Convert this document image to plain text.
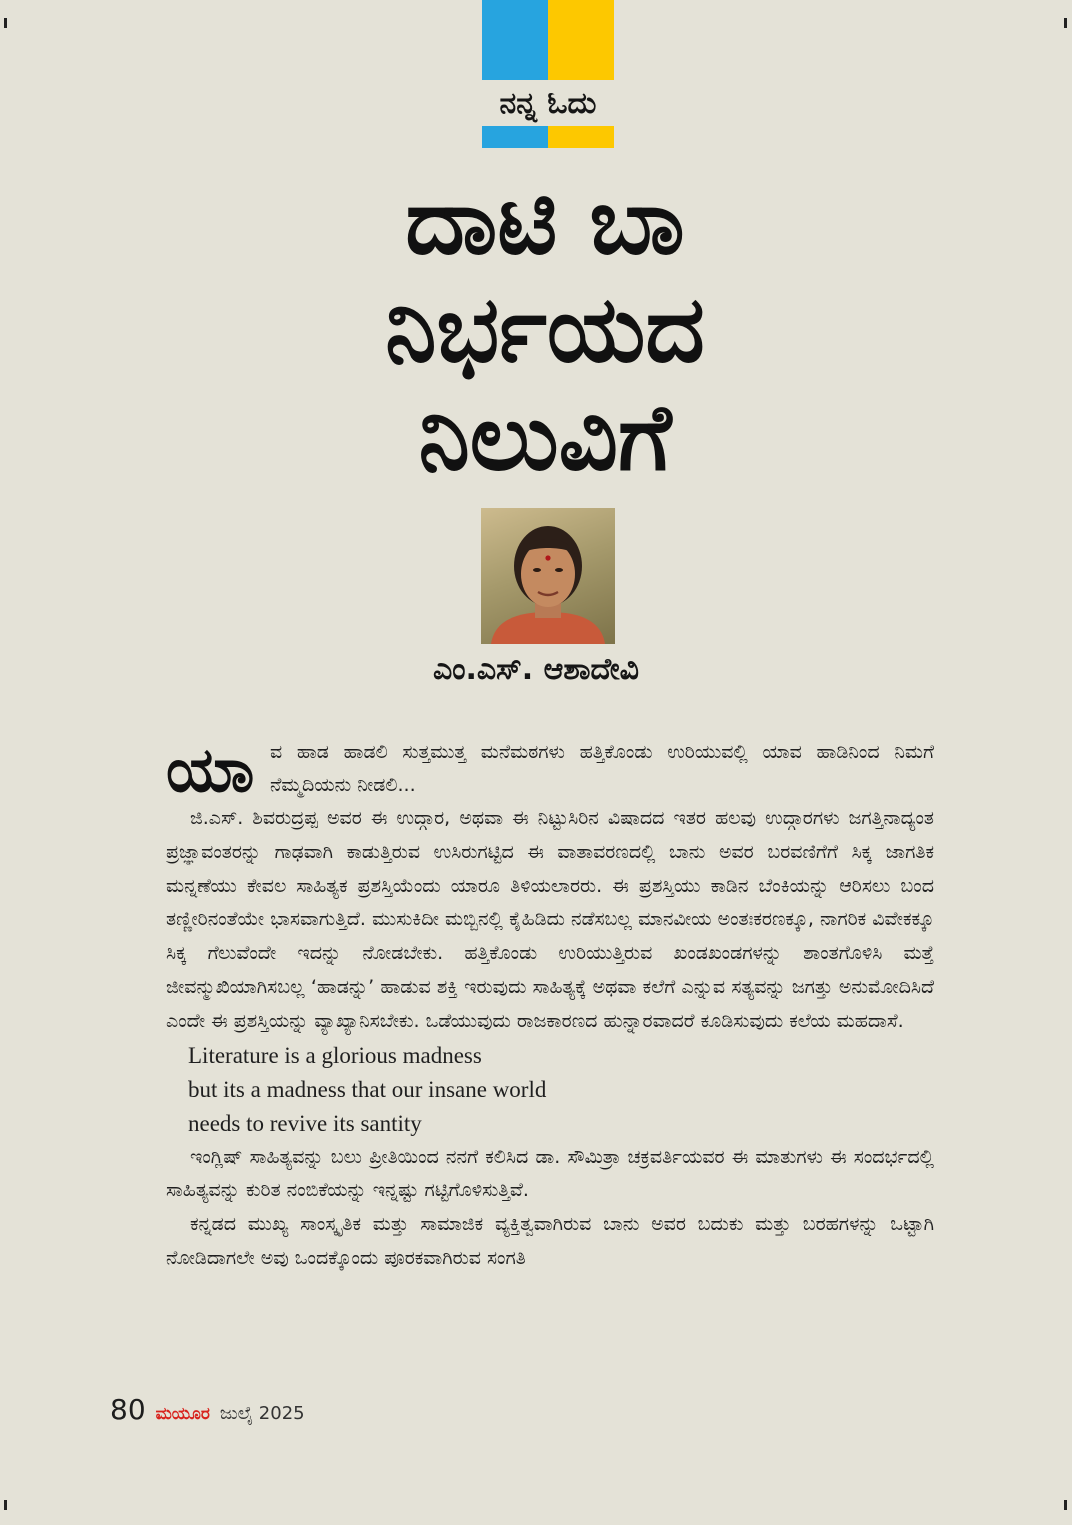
ನನ್ನ ಓದು
ದಾಟಿ ಬಾ
ನಿರ್ಭಯದ
ನಿಲುವಿಗೆ
ಎಂ.ಎಸ್. ಆಶಾದೇವಿ
ಯಾ ವ ಹಾಡ ಹಾಡಲಿ ಸುತ್ತಮುತ್ತ ಮನೆಮಠಗಳು ಹತ್ತಿಕೊಂಡು ಉರಿಯುವಲ್ಲಿ ಯಾವ ಹಾಡಿನಿಂದ ನಿಮಗೆ ನೆಮ್ಮದಿಯನು ನೀಡಲಿ...

ಜಿ.ಎಸ್. ಶಿವರುದ್ರಪ್ಪ ಅವರ ಈ ಉದ್ಗಾರ, ಅಥವಾ ಈ ನಿಟ್ಟುಸಿರಿನ ವಿಷಾದದ ಇತರ ಹಲವು ಉದ್ಗಾರಗಳು ಜಗತ್ತಿನಾದ್ಯಂತ ಪ್ರಜ್ಞಾವಂತರನ್ನು ಗಾಢವಾಗಿ ಕಾಡುತ್ತಿರುವ ಉಸಿರುಗಟ್ಟಿದ ಈ ವಾತಾವರಣದಲ್ಲಿ ಬಾನು ಅವರ ಬರವಣಿಗೆಗೆ ಸಿಕ್ಕ ಜಾಗತಿಕ ಮನ್ನಣೆಯು ಕೇವಲ ಸಾಹಿತ್ಯಕ ಪ್ರಶಸ್ತಿಯೆಂದು ಯಾರೂ ತಿಳಿಯಲಾರರು. ಈ ಪ್ರಶಸ್ತಿಯು ಕಾಡಿನ ಬೆಂಕಿಯನ್ನು ಆರಿಸಲು ಬಂದ ತಣ್ಣೀರಿನಂತೆಯೇ ಭಾಸವಾಗುತ್ತಿದೆ. ಮುಸುಕಿದೀ ಮಬ್ಬಿನಲ್ಲಿ ಕೈಹಿಡಿದು ನಡೆಸಬಲ್ಲ ಮಾನವೀಯ ಅಂತಃಕರಣಕ್ಕೂ, ನಾಗರಿಕ ವಿವೇಕಕ್ಕೂ ಸಿಕ್ಕ ಗೆಲುವೆಂದೇ ಇದನ್ನು ನೋಡಬೇಕು. ಹತ್ತಿಕೊಂಡು ಉರಿಯುತ್ತಿರುವ ಖಂಡಖಂಡಗಳನ್ನು ಶಾಂತಗೊಳಿಸಿ ಮತ್ತೆ ಜೀವನ್ಮುಖಿಯಾಗಿಸಬಲ್ಲ ‘ಹಾಡನ್ನು’ ಹಾಡುವ ಶಕ್ತಿ ಇರುವುದು ಸಾಹಿತ್ಯಕ್ಕೆ ಅಥವಾ ಕಲೆಗೆ ಎನ್ನುವ ಸತ್ಯವನ್ನು ಜಗತ್ತು ಅನುಮೋದಿಸಿದೆ ಎಂದೇ ಈ ಪ್ರಶಸ್ತಿಯನ್ನು ವ್ಯಾಖ್ಯಾನಿಸಬೇಕು. ಒಡೆಯುವುದು ರಾಜಕಾರಣದ ಹುನ್ನಾರವಾದರೆ ಕೂಡಿಸುವುದು ಕಲೆಯ ಮಹದಾಸೆ.

Literature is a glorious madness
but its a madness that our insane world
needs to revive its santity

ಇಂಗ್ಲಿಷ್ ಸಾಹಿತ್ಯವನ್ನು ಬಲು ಪ್ರೀತಿಯಿಂದ ನನಗೆ ಕಲಿಸಿದ ಡಾ. ಸೌಮಿತ್ರಾ ಚಕ್ರವರ್ತಿಯವರ ಈ ಮಾತುಗಳು ಈ ಸಂದರ್ಭದಲ್ಲಿ ಸಾಹಿತ್ಯವನ್ನು ಕುರಿತ ನಂಬಿಕೆಯನ್ನು ಇನ್ನಷ್ಟು ಗಟ್ಟಿಗೊಳಿಸುತ್ತಿವೆ.

ಕನ್ನಡದ ಮುಖ್ಯ ಸಾಂಸ್ಕೃತಿಕ ಮತ್ತು ಸಾಮಾಜಿಕ ವ್ಯಕ್ತಿತ್ವವಾಗಿರುವ ಬಾನು ಅವರ ಬದುಕು ಮತ್ತು ಬರಹಗಳನ್ನು ಒಟ್ಟಾಗಿ ನೋಡಿದಾಗಲೇ ಅವು ಒಂದಕ್ಕೊಂದು ಪೂರಕವಾಗಿರುವ ಸಂಗತಿ

80 ಮಯೂರ ಜುಲೈ 2025
